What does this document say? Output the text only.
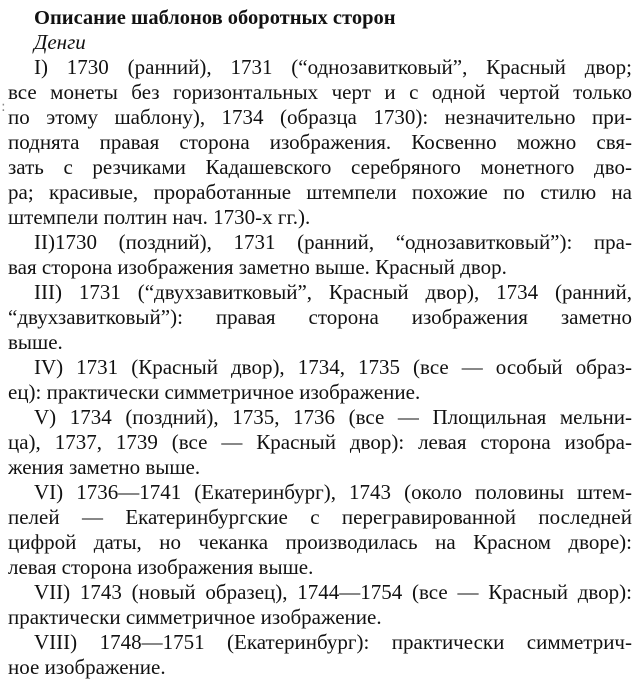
:
Описание шаблонов оборотных сторон
Денги
I) 1730 (ранний), 1731 (“однозавитковый”, Красный двор;
все монеты без горизонтальных черт и с одной чертой только
по этому шаблону), 1734 (образца 1730): незначительно при-
поднята правая сторона изображения. Косвенно можно свя-
зать с резчиками Кадашевского серебряного монетного дво-
ра; красивые, проработанные штемпели похожие по стилю на
штемпели полтин нач. 1730-х гг.).
II)1730 (поздний), 1731 (ранний, “однозавитковый”): пра-
вая сторона изображения заметно выше. Красный двор.
III) 1731 (“двухзавитковый”, Красный двор), 1734 (ранний,
“двухзавитковый”): правая сторона изображения заметно
выше.
IV) 1731 (Красный двор), 1734, 1735 (все — особый образ-
ец): практически симметричное изображение.
V) 1734 (поздний), 1735, 1736 (все — Площильная мельни-
ца), 1737, 1739 (все — Красный двор): левая сторона изобра-
жения заметно выше.
VI) 1736—1741 (Екатеринбург), 1743 (около половины штем-
пелей — Екатеринбургские с перегравированной последней
цифрой даты, но чеканка производилась на Красном дворе):
левая сторона изображения выше.
VII) 1743 (новый образец), 1744—1754 (все — Красный двор):
практически симметричное изображение.
VIII) 1748—1751 (Екатеринбург): практически симметрич-
ное изображение.
